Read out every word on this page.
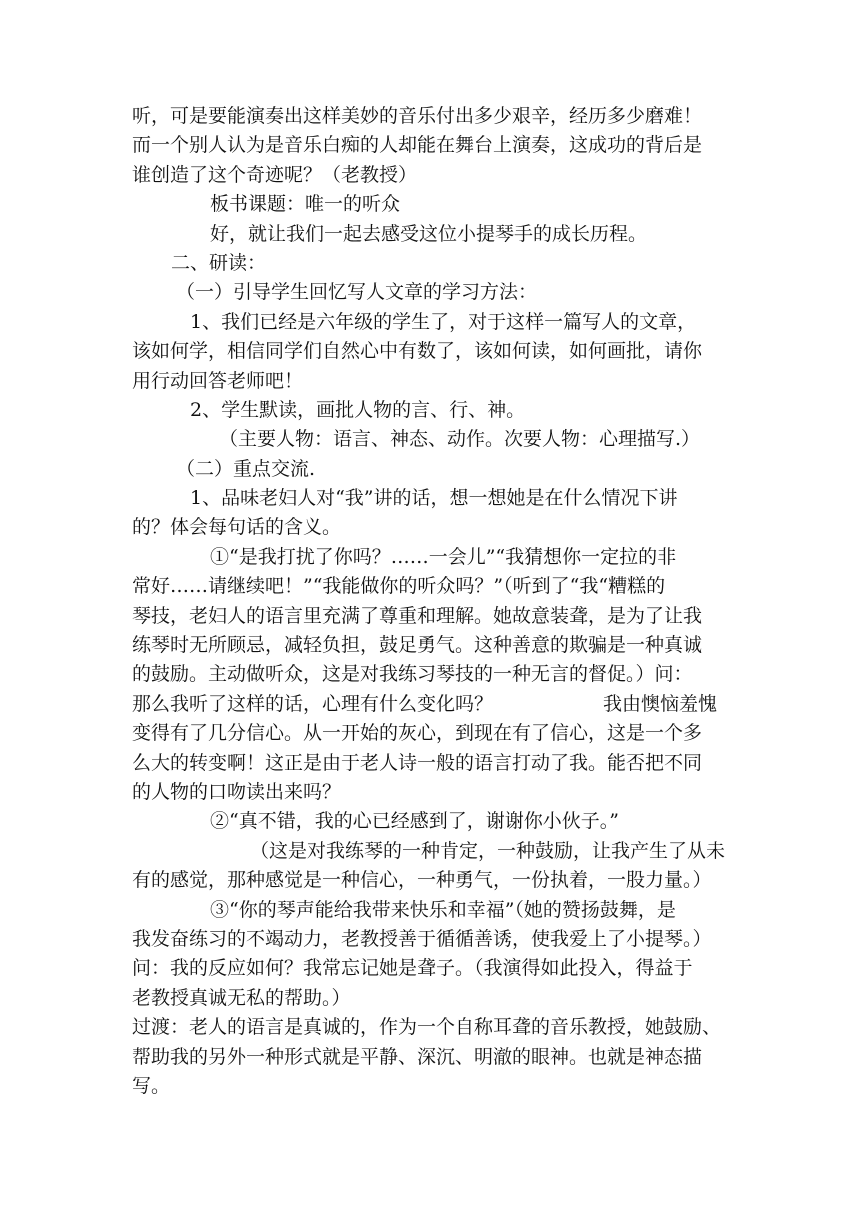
听，可是要能演奏出这样美妙的音乐付出多少艰辛，经历多少磨难！
而一个别人认为是音乐白痴的人却能在舞台上演奏，这成功的背后是
谁创造了这个奇迹呢？（老教授）
板书课题：唯一的听众
好，就让我们一起去感受这位小提琴手的成长历程。
二、研读：
（一）引导学生回忆写人文章的学习方法：
1、我们已经是六年级的学生了，对于这样一篇写人的文章，
该如何学，相信同学们自然心中有数了，该如何读，如何画批，请你
用行动回答老师吧！
2、学生默读，画批人物的言、行、神。
（主要人物：语言、神态、动作。次要人物：心理描写.）
（二）重点交流.
1、品味老妇人对“我”讲的话，想一想她是在什么情况下讲
的？体会每句话的含义。
①“是我打扰了你吗？……一会儿”“我猜想你一定拉的非
常好……请继续吧！”“我能做你的听众吗？”（听到了“我“糟糕的
琴技，老妇人的语言里充满了尊重和理解。她故意装聋，是为了让我
练琴时无所顾忌，减轻负担，鼓足勇气。这种善意的欺骗是一种真诚
的鼓励。主动做听众，这是对我练习琴技的一种无言的督促。）问：
那么我听了这样的话，心理有什么变化吗？	我由懊恼羞愧
变得有了几分信心。从一开始的灰心，到现在有了信心，这是一个多
么大的转变啊！这正是由于老人诗一般的语言打动了我。能否把不同
的人物的口吻读出来吗？
②“真不错，我的心已经感到了，谢谢你小伙子。”
（这是对我练琴的一种肯定，一种鼓励，让我产生了从未
有的感觉，那种感觉是一种信心，一种勇气，一份执着，一股力量。）
③“你的琴声能给我带来快乐和幸福”（她的赞扬鼓舞，是
我发奋练习的不竭动力，老教授善于循循善诱，使我爱上了小提琴。）
问：我的反应如何？我常忘记她是聋子。（我演得如此投入，得益于
老教授真诚无私的帮助。）
过渡：老人的语言是真诚的，作为一个自称耳聋的音乐教授，她鼓励、
帮助我的另外一种形式就是平静、深沉、明澈的眼神。也就是神态描
写。
